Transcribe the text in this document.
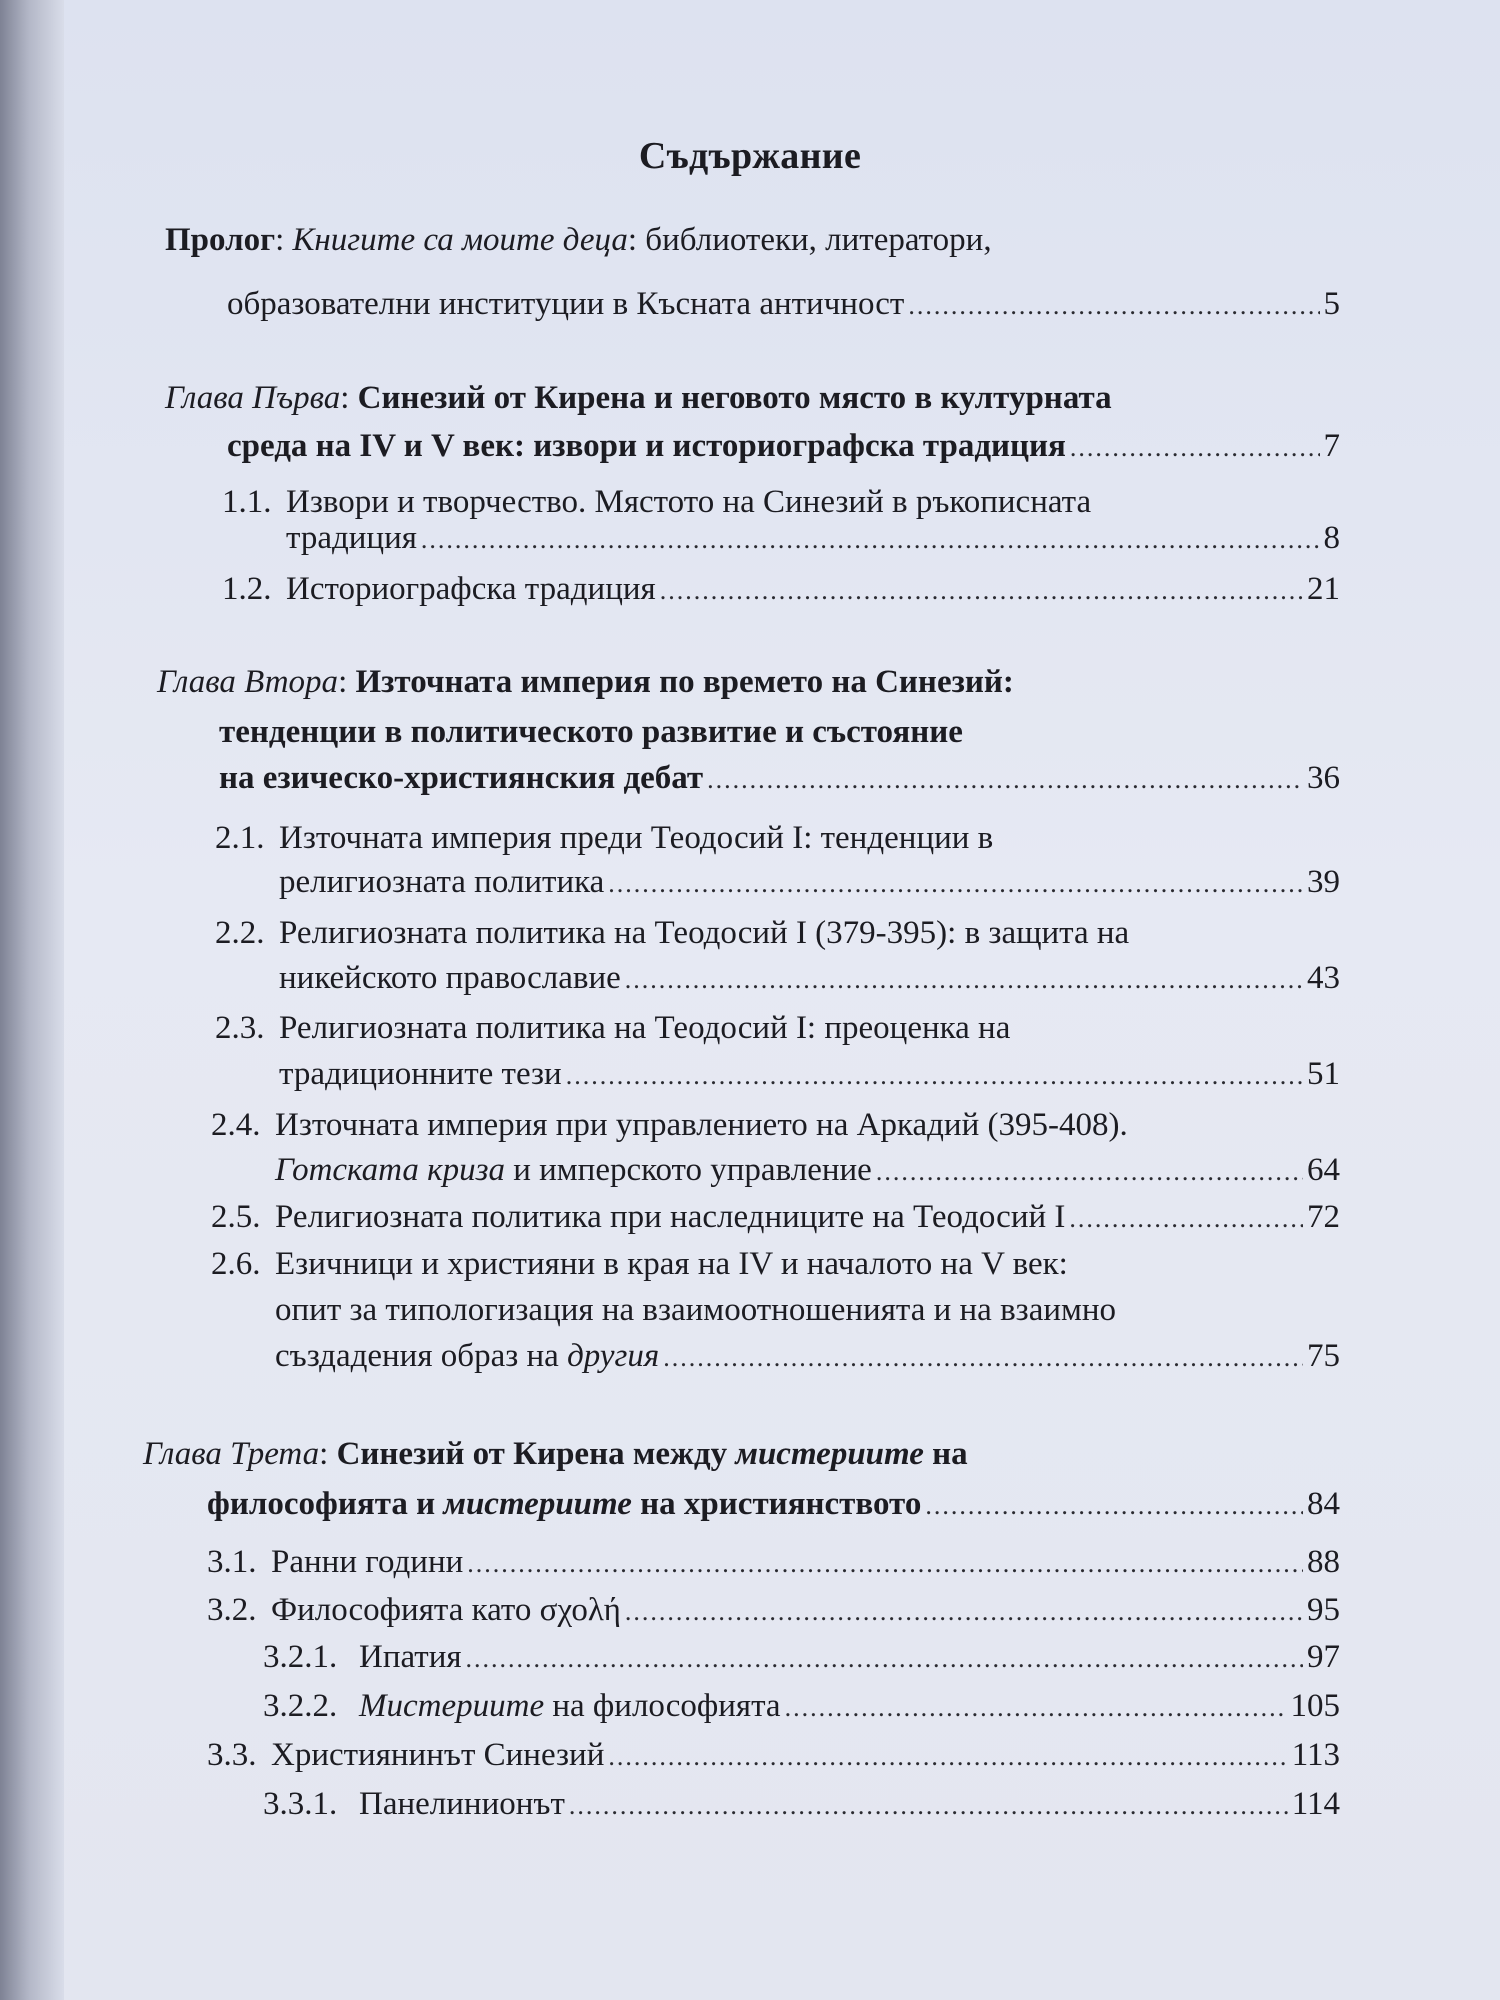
Съдържание
Пролог: Книгите са моите деца: библиотеки, литератори,
образователни институции в Късната античност .....	5
Глава Първа: Синезий от Кирена и неговото място в културната
среда на IV и V век: извори и историографска традиция .....	7
1.1. Извори и творчество. Мястото на Синезий в ръкописната
традиция .....	8
1.2. Историографска традиция .....	21
Глава Втора: Източната империя по времето на Синезий:
тенденции в политическото развитие и състояние
на езическо-християнския дебат .....	36
2.1. Източната империя преди Теодосий I: тенденции в
религиозната политика .....	39
2.2. Религиозната политика на Теодосий I (379-395): в защита на
никейското православие .....	43
2.3. Религиозната политика на Теодосий I: преоценка на
традиционните тези .....	51
2.4. Източната империя при управлението на Аркадий (395-408).
Готската криза и имперското управление .....	64
2.5. Религиозната политика при наследниците на Теодосий I .....	72
2.6. Езичници и християни в края на IV и началото на V век:
опит за типологизация на взаимоотношенията и на взаимно
създадения образ на другия .....	75
Глава Трета: Синезий от Кирена между мистериите на
философията и мистериите на християнството .....	84
3.1. Ранни години .....	88
3.2. Философията като σχολή .....	95
3.2.1. Ипатия .....	97
3.2.2. Мистериите на философията .....	105
3.3. Християнинът Синезий .....	113
3.3.1. Панелинионът .....	114
